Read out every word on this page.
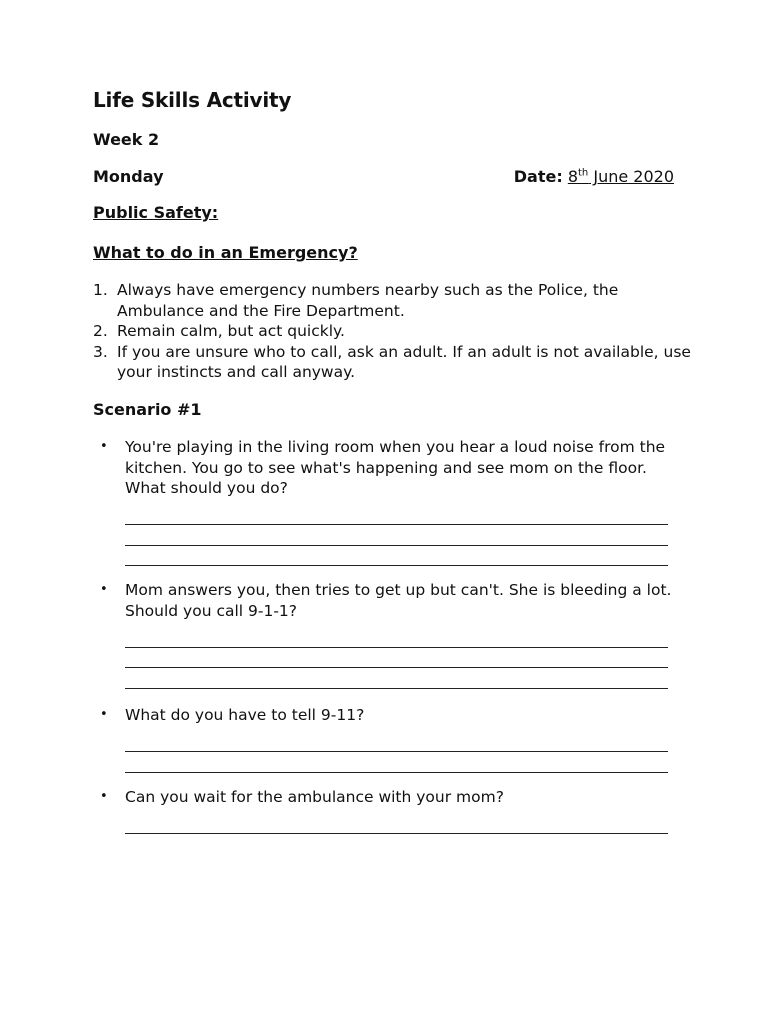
Life Skills Activity
Week 2
Monday	Date: 8th June 2020
Public Safety:
What to do in an Emergency?
1. Always have emergency numbers nearby such as the Police, the Ambulance and the Fire Department.
2. Remain calm, but act quickly.
3. If you are unsure who to call, ask an adult. If an adult is not available, use your instincts and call anyway.
Scenario #1
• You're playing in the living room when you hear a loud noise from the kitchen. You go to see what's happening and see mom on the floor. What should you do?
• Mom answers you, then tries to get up but can't. She is bleeding a lot. Should you call 9-1-1?
• What do you have to tell 9-11?
• Can you wait for the ambulance with your mom?
